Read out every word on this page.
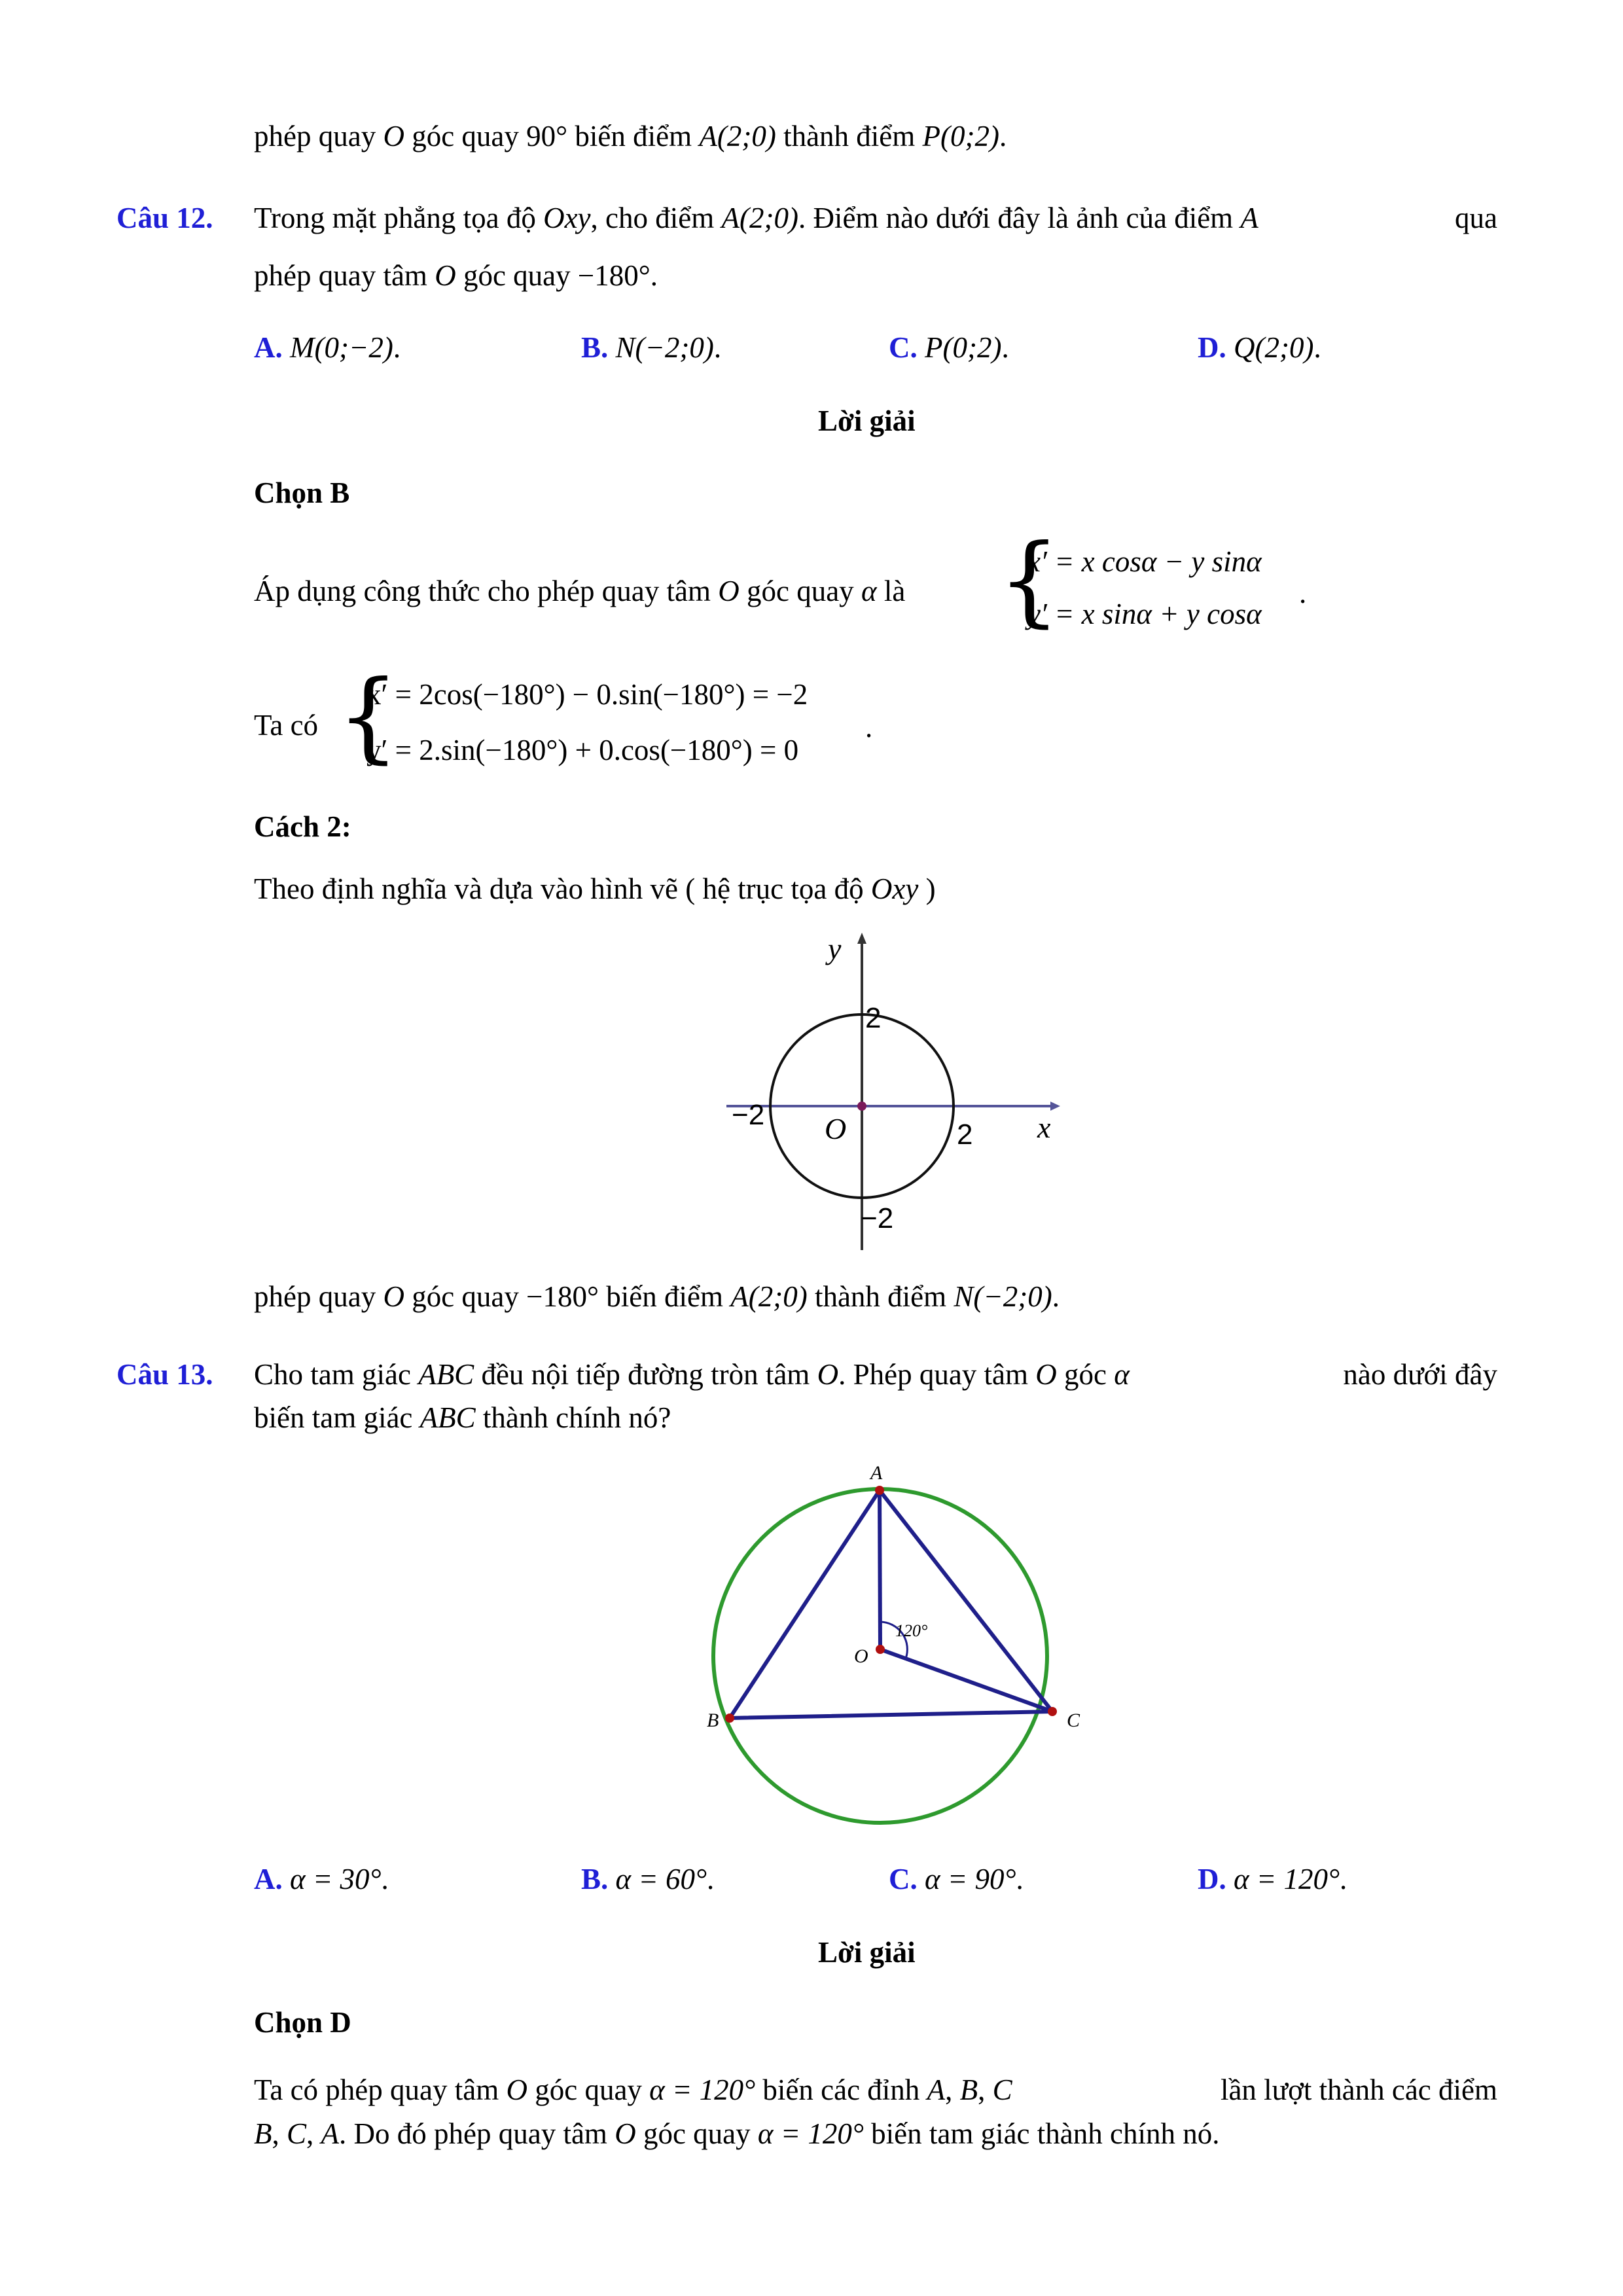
phép quay O góc quay 90° biến điểm A(2;0) thành điểm P(0;2).
Câu 12. Trong mặt phẳng tọa độ Oxy, cho điểm A(2;0). Điểm nào dưới đây là ảnh của điểm A	qua
phép quay tâm O góc quay −180°.
A. M(0;−2).	B. N(−2;0).	C. P(0;2).	D. Q(2;0).
Lời giải
Chọn B
Áp dụng công thức cho phép quay tâm O góc quay α là {
x′ = x cosα − y sinα
y′ = x sinα + y cosα
.
Ta có {
x′ = 2cos(−180°) − 0.sin(−180°) = −2
y′ = 2.sin(−180°) + 0.cos(−180°) = 0
.
Cách 2:
Theo định nghĩa và dựa vào hình vẽ ( hệ trục tọa độ Oxy )
y
x
O
2
−2
2
−2
phép quay O góc quay −180° biến điểm A(2;0) thành điểm N(−2;0).
Câu 13. Cho tam giác ABC đều nội tiếp đường tròn tâm O. Phép quay tâm O góc α	nào dưới đây
biến tam giác ABC thành chính nó?
A
B	C
O
120°
A. α = 30°.	B. α = 60°.	C. α = 90°.	D. α = 120°.
Lời giải
Chọn D
Ta có phép quay tâm O góc quay α = 120° biến các đỉnh A, B, C	lần lượt thành các điểm
B, C, A. Do đó phép quay tâm O góc quay α = 120° biến tam giác thành chính nó.
